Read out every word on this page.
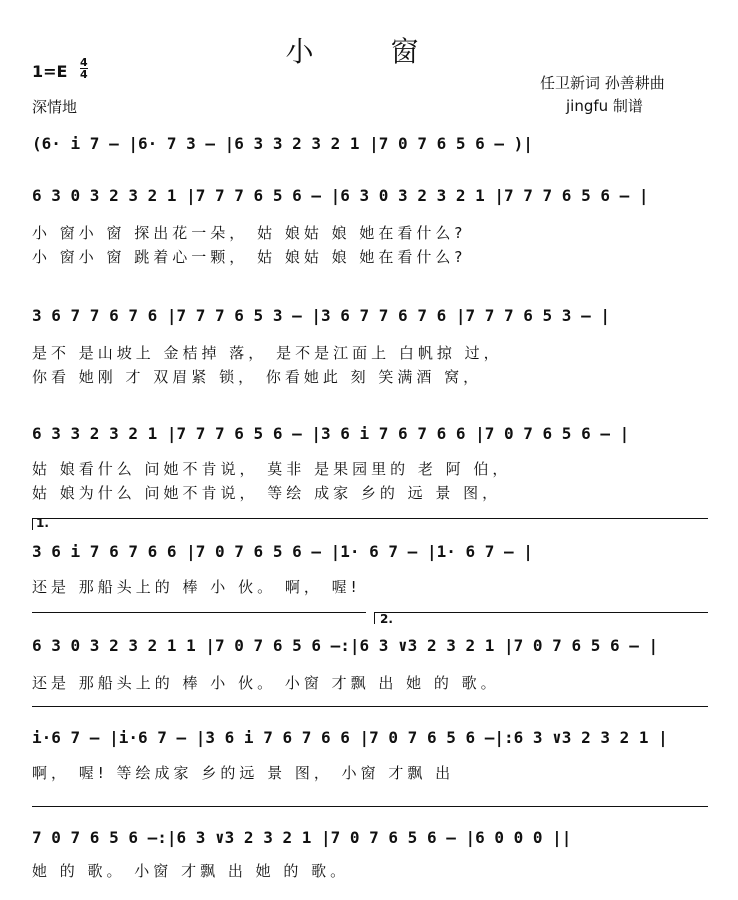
小 窗
1=E 4
4
深情地
任卫新词 孙善耕曲
jingfu 制谱
(6· i 7 – |6· 7 3 – |6 3 3 2 3 2 1 |7 0 7 6 5 6 – )|
6 3 0 3 2 3 2 1 |7 7 7 6 5 6 – |6 3 0 3 2 3 2 1 |7 7 7 6 5 6 – |
小 窗小 窗 探出花一朵， 姑 娘姑 娘 她在看什么?
小 窗小 窗 跳着心一颗， 姑 娘姑 娘 她在看什么?
3 6 7 7 6 7 6 |7 7 7 6 5 3 – |3 6 7 7 6 7 6 |7 7 7 6 5 3 – |
是不 是山坡上 金桔掉 落， 是不是江面上 白帆掠 过，
你看 她刚 才 双眉紧 锁， 你看她此 刻 笑满酒 窝，
6 3 3 2 3 2 1 |7 7 7 6 5 6 – |3 6 i 7 6 7 6 6 |7 0 7 6 5 6 – |
姑 娘看什么 问她不肯说， 莫非 是果园里的 老 阿 伯，
姑 娘为什么 问她不肯说， 等绘 成家 乡的 远 景 图，
1.
3 6 i 7 6 7 6 6 |7 0 7 6 5 6 – |1· 6 7 – |1· 6 7 – |
还是 那船头上的 棒 小 伙。 啊， 喔!
2.
6 3 0 3 2 3 2 1 1 |7 0 7 6 5 6 –:|6 3 ∨3 2 3 2 1 |7 0 7 6 5 6 – |
还是 那船头上的 棒 小 伙。 小窗 才飘 出 她 的 歌。
i·6 7 – |i·6 7 – |3 6 i 7 6 7 6 6 |7 0 7 6 5 6 –|:6 3 ∨3 2 3 2 1 |
啊， 喔! 等绘成家 乡的远 景 图， 小窗 才飘 出
7 0 7 6 5 6 –:|6 3 ∨3 2 3 2 1 |7 0 7 6 5 6 – |6 0 0 0 ||
她 的 歌。 小窗 才飘 出 她 的 歌。
